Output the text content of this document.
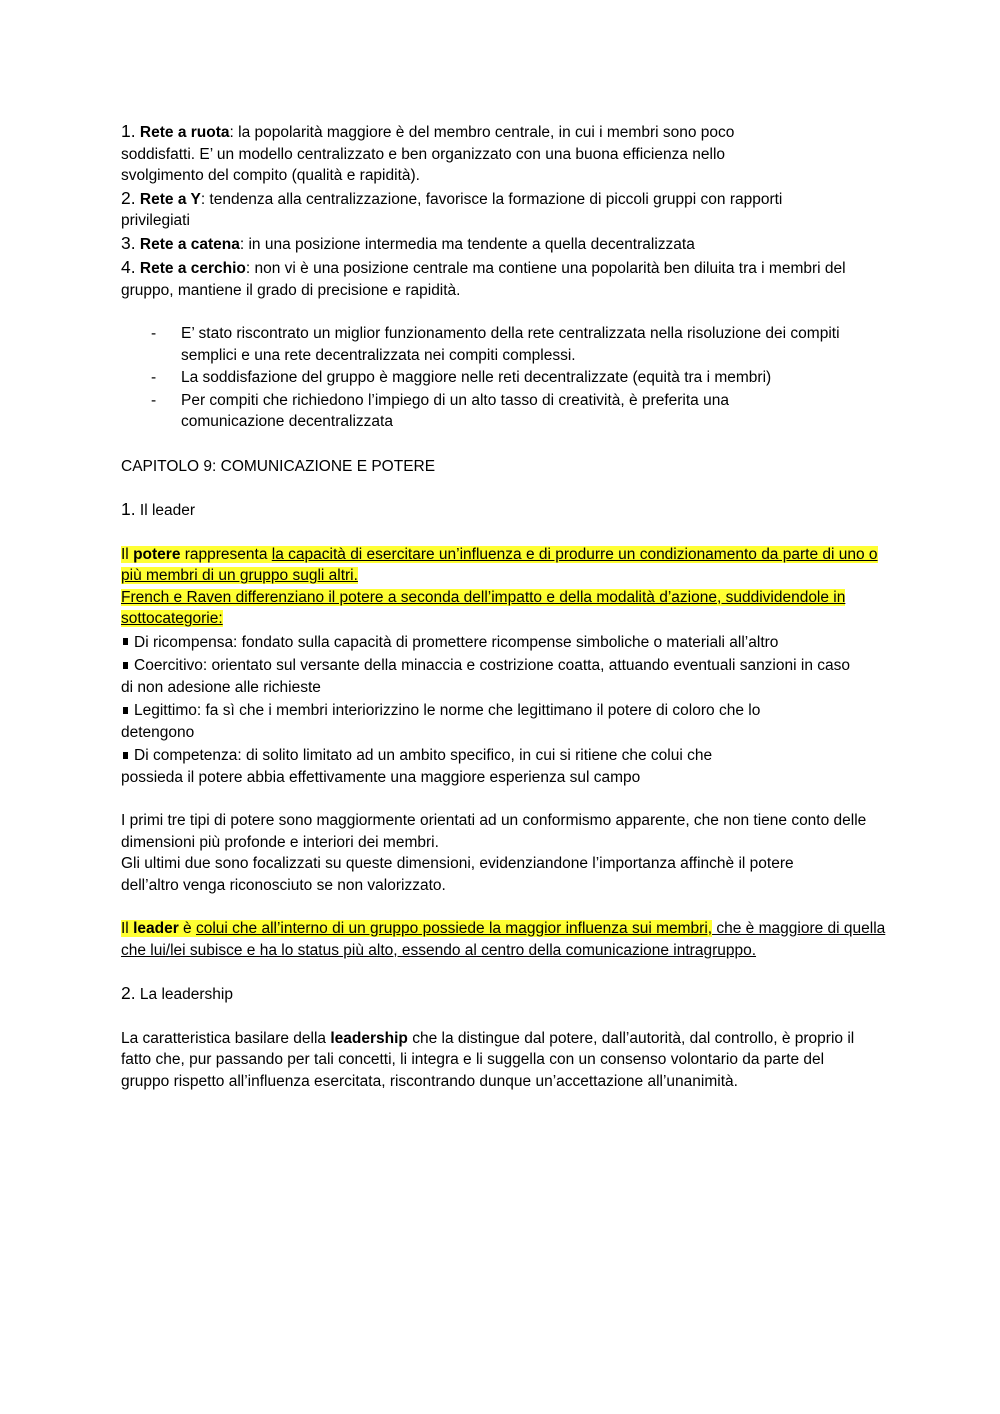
1. Rete a ruota: la popolarità maggiore è del membro centrale, in cui i membri sono poco soddisfatti. E’ un modello centralizzato e ben organizzato con una buona efficienza nello svolgimento del compito (qualità e rapidità).

2. Rete a Y: tendenza alla centralizzazione, favorisce la formazione di piccoli gruppi con rapporti privilegiati

3. Rete a catena: in una posizione intermedia ma tendente a quella decentralizzata

4. Rete a cerchio: non vi è una posizione centrale ma contiene una popolarità ben diluita tra i membri del gruppo, mantiene il grado di precisione e rapidità.

- E’ stato riscontrato un miglior funzionamento della rete centralizzata nella risoluzione dei compiti semplici e una rete decentralizzata nei compiti complessi.
- La soddisfazione del gruppo è maggiore nelle reti decentralizzate (equità tra i membri)
- Per compiti che richiedono l’impiego di un alto tasso di creatività, è preferita una comunicazione decentralizzata

CAPITOLO 9: COMUNICAZIONE E POTERE

1. Il leader

Il potere rappresenta la capacità di esercitare un’influenza e di produrre un condizionamento da parte di uno o più membri di un gruppo sugli altri.

French e Raven differenziano il potere a seconda dell’impatto e della modalità d’azione, suddividendole in sottocategorie:

Di ricompensa: fondato sulla capacità di promettere ricompense simboliche o materiali all’altro

Coercitivo: orientato sul versante della minaccia e costrizione coatta, attuando eventuali sanzioni in caso di non adesione alle richieste

Legittimo: fa sì che i membri interiorizzino le norme che legittimano il potere di coloro che lo detengono

Di competenza: di solito limitato ad un ambito specifico, in cui si ritiene che colui che possieda il potere abbia effettivamente una maggiore esperienza sul campo

I primi tre tipi di potere sono maggiormente orientati ad un conformismo apparente, che non tiene conto delle dimensioni più profonde e interiori dei membri.

Gli ultimi due sono focalizzati su queste dimensioni, evidenziandone l’importanza affinchè il potere dell’altro venga riconosciuto se non valorizzato.

Il leader è colui che all’interno di un gruppo possiede la maggior influenza sui membri, che è maggiore di quella che lui/lei subisce e ha lo status più alto, essendo al centro della comunicazione intragruppo.

2. La leadership

La caratteristica basilare della leadership che la distingue dal potere, dall’autorità, dal controllo, è proprio il fatto che, pur passando per tali concetti, li integra e li suggella con un consenso volontario da parte del gruppo rispetto all’influenza esercitata, riscontrando dunque un’accettazione all’unanimità.
